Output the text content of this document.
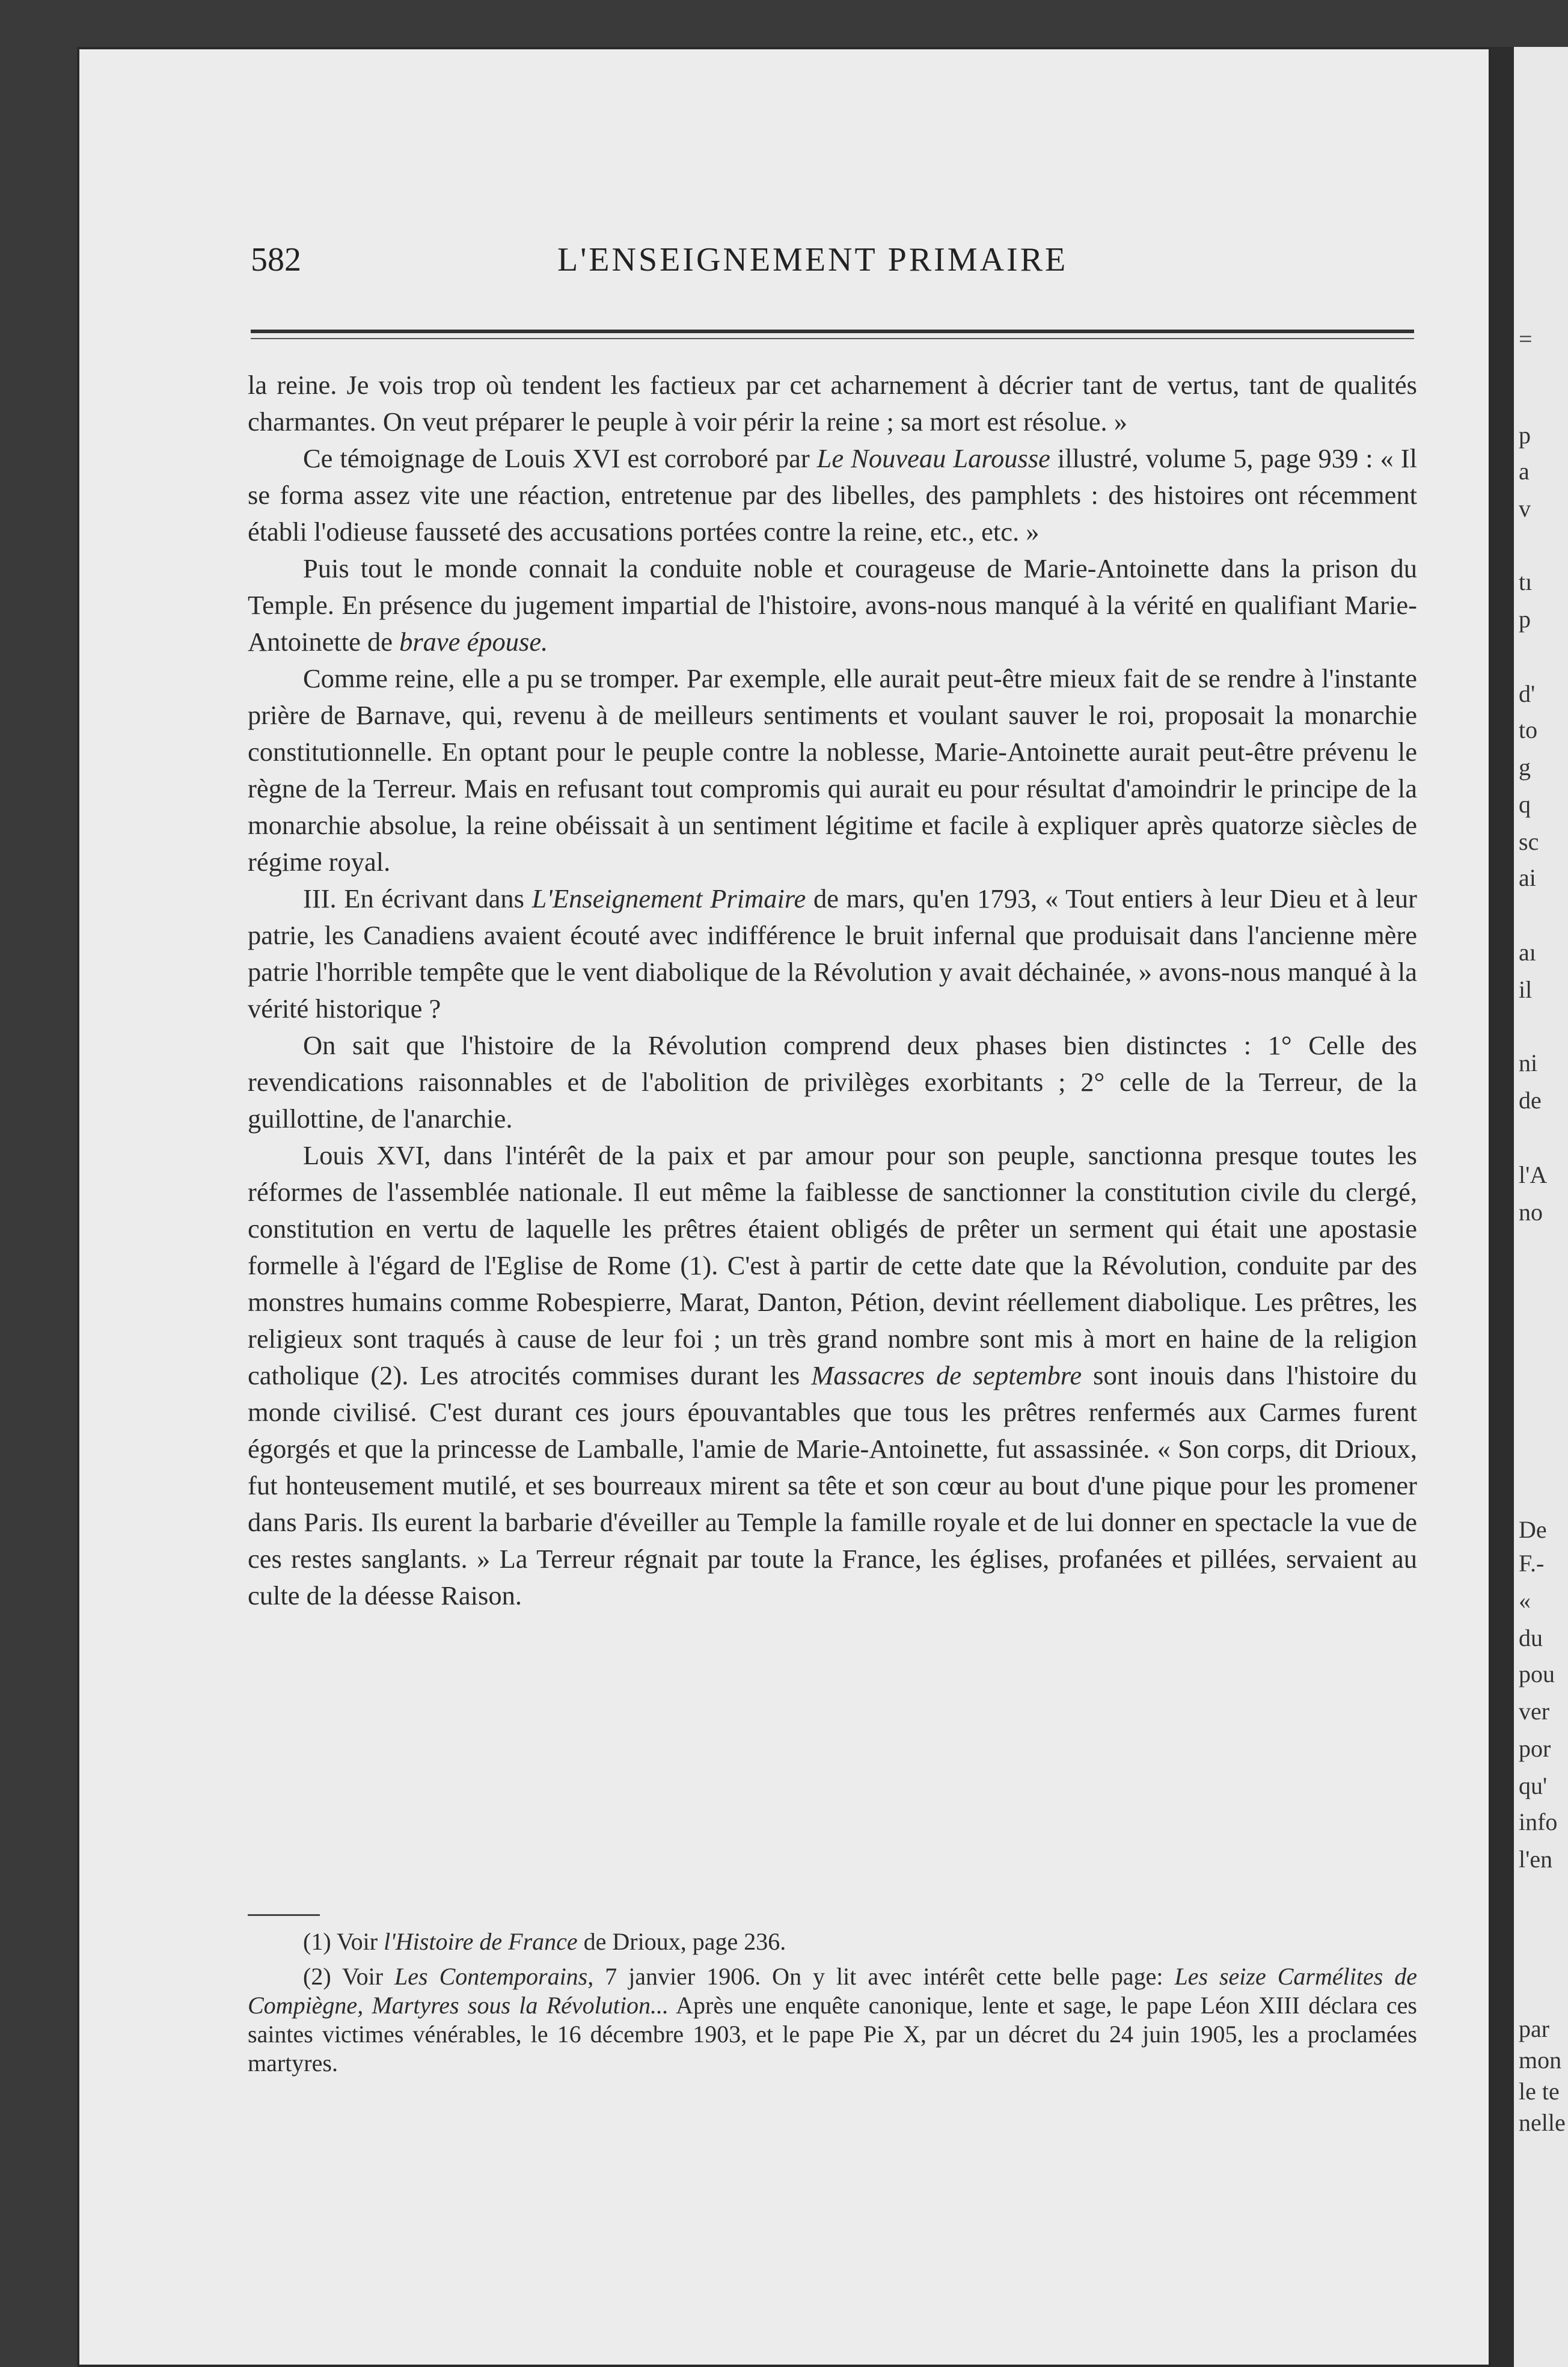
=
p
a
v
tı
p
d'
to
g
q
sc
ai
aı
il
ni
de
l'A
no
De
F.-
«
du
pou
ver
por
qu'
info
l'en
par
mon
le te
nelle
582	L'ENSEIGNEMENT PRIMAIRE

la reine. Je vois trop où tendent les factieux par cet acharnement à décrier tant de vertus, tant de qualités charmantes. On veut préparer le peuple à voir périr la reine ; sa mort est résolue. »

Ce témoignage de Louis XVI est corroboré par Le Nouveau Larousse illustré, volume 5, page 939 : « Il se forma assez vite une réaction, entretenue par des libelles, des pamphlets : des histoires ont récemment établi l'odieuse fausseté des accusations portées contre la reine, etc., etc. »

Puis tout le monde connait la conduite noble et courageuse de Marie-Antoinette dans la prison du Temple. En présence du jugement impartial de l'histoire, avons-nous manqué à la vérité en qualifiant Marie-Antoinette de brave épouse.

Comme reine, elle a pu se tromper. Par exemple, elle aurait peut-être mieux fait de se rendre à l'instante prière de Barnave, qui, revenu à de meilleurs sentiments et voulant sauver le roi, proposait la monarchie constitutionnelle. En optant pour le peuple contre la noblesse, Marie-Antoinette aurait peut-être prévenu le règne de la Terreur. Mais en refusant tout compromis qui aurait eu pour résultat d'amoindrir le principe de la monarchie absolue, la reine obéissait à un sentiment légitime et facile à expliquer après quatorze siècles de régime royal.

III. En écrivant dans L'Enseignement Primaire de mars, qu'en 1793, « Tout entiers à leur Dieu et à leur patrie, les Canadiens avaient écouté avec indifférence le bruit infernal que produisait dans l'ancienne mère patrie l'horrible tempête que le vent diabolique de la Révolution y avait déchainée, » avons-nous manqué à la vérité historique ?

On sait que l'histoire de la Révolution comprend deux phases bien distinctes : 1° Celle des revendications raisonnables et de l'abolition de privilèges exorbitants ; 2° celle de la Terreur, de la guillottine, de l'anarchie.

Louis XVI, dans l'intérêt de la paix et par amour pour son peuple, sanctionna presque toutes les réformes de l'assemblée nationale. Il eut même la faiblesse de sanctionner la constitution civile du clergé, constitution en vertu de laquelle les prêtres étaient obligés de prêter un serment qui était une apostasie formelle à l'égard de l'Eglise de Rome (1). C'est à partir de cette date que la Révolution, conduite par des monstres humains comme Robespierre, Marat, Danton, Pétion, devint réellement diabolique. Les prêtres, les religieux sont traqués à cause de leur foi ; un très grand nombre sont mis à mort en haine de la religion catholique (2). Les atrocités commises durant les Massacres de septembre sont inouis dans l'histoire du monde civilisé. C'est durant ces jours épouvantables que tous les prêtres renfermés aux Carmes furent égorgés et que la princesse de Lamballe, l'amie de Marie-Antoinette, fut assassinée. « Son corps, dit Drioux, fut honteusement mutilé, et ses bourreaux mirent sa tête et son cœur au bout d'une pique pour les promener dans Paris. Ils eurent la barbarie d'éveiller au Temple la famille royale et de lui donner en spectacle la vue de ces restes sanglants. » La Terreur régnait par toute la France, les églises, profanées et pillées, servaient au culte de la déesse Raison.

(1) Voir l'Histoire de France de Drioux, page 236.

(2) Voir Les Contemporains, 7 janvier 1906. On y lit avec intérêt cette belle page: Les seize Carmélites de Compiègne, Martyres sous la Révolution... Après une enquête canonique, lente et sage, le pape Léon XIII déclara ces saintes victimes vénérables, le 16 décembre 1903, et le pape Pie X, par un décret du 24 juin 1905, les a proclamées martyres.
